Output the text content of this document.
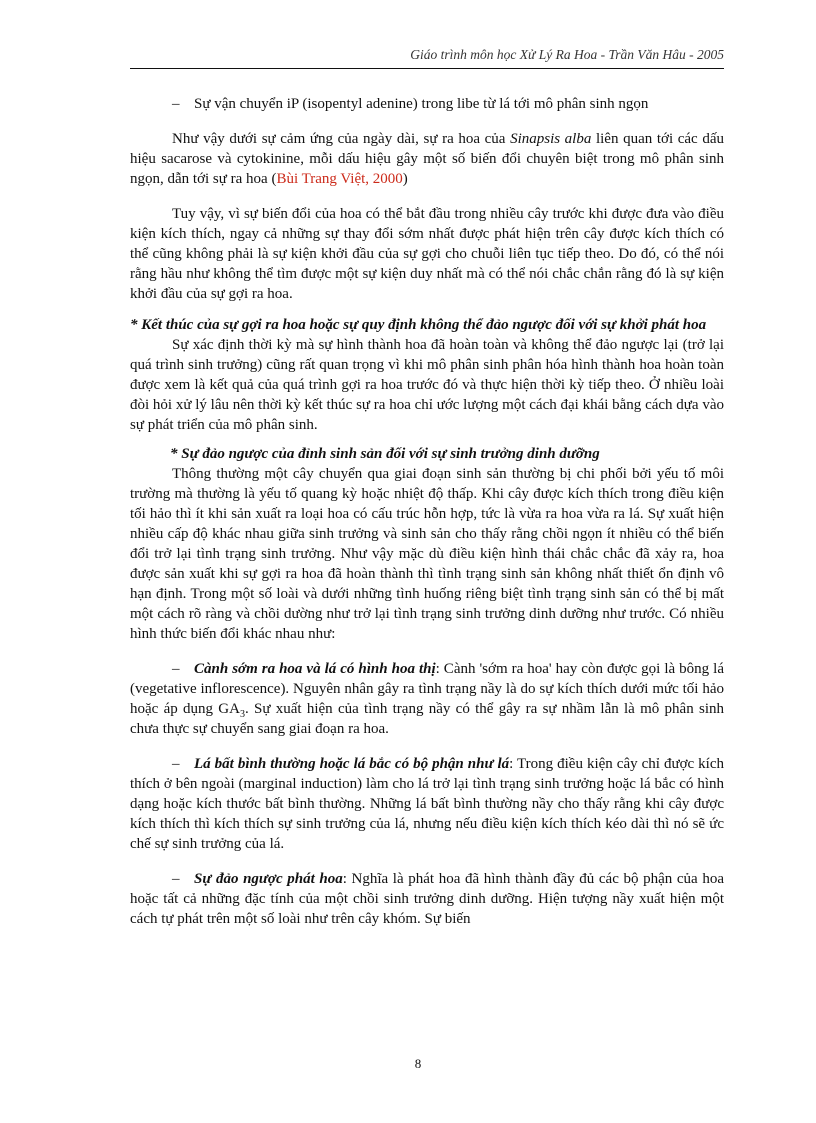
Giáo trình môn học Xử Lý Ra Hoa - Trần Văn Hâu - 2005

– Sự vận chuyển iP (isopentyl adenine) trong libe từ lá tới mô phân sinh ngọn

Như vậy dưới sự cảm ứng của ngày dài, sự ra hoa của Sinapsis alba liên quan tới các dấu hiệu sacarose và cytokinine, mỗi dấu hiệu gây một số biến đổi chuyên biệt trong mô phân sinh ngọn, dẫn tới sự ra hoa (Bùi Trang Việt, 2000)

Tuy vậy, vì sự biến đổi của hoa có thể bắt đầu trong nhiều cây trước khi được đưa vào điều kiện kích thích, ngay cả những sự thay đổi sớm nhất được phát hiện trên cây được kích thích có thể cũng không phải là sự kiện khởi đầu của sự gợi cho chuỗi liên tục tiếp theo. Do đó, có thể nói rằng hầu như không thể tìm được một sự kiện duy nhất mà có thể nói chắc chắn rằng đó là sự kiện khởi đầu của sự gợi ra hoa.

* Kết thúc của sự gợi ra hoa hoặc sự quy định không thể đảo ngược đối với sự khởi phát hoa

Sự xác định thời kỳ mà sự hình thành hoa đã hoàn toàn và không thể đảo ngược lại (trở lại quá trình sinh trưởng) cũng rất quan trọng vì khi mô phân sinh phân hóa hình thành hoa hoàn toàn được xem là kết quả của quá trình gợi ra hoa trước đó và thực hiện thời kỳ tiếp theo. Ở nhiều loài đòi hỏi xử lý lâu nên thời kỳ kết thúc sự ra hoa chỉ ước lượng một cách đại khái bằng cách dựa vào sự phát triển của mô phân sinh.

* Sự đảo ngược của đỉnh sinh sản đối với sự sinh trưởng dinh dưỡng

Thông thường một cây chuyển qua giai đoạn sinh sản thường bị chi phối bởi yếu tố môi trường mà thường là yếu tố quang kỳ hoặc nhiệt độ thấp. Khi cây được kích thích trong điều kiện tối hảo thì ít khi sản xuất ra loại hoa có cấu trúc hỗn hợp, tức là vừa ra hoa vừa ra lá. Sự xuất hiện nhiều cấp độ khác nhau giữa sinh trưởng và sinh sản cho thấy rằng chồi ngọn ít nhiều có thể biến đổi trở lại tình trạng sinh trưởng. Như vậy mặc dù điều kiện hình thái chắc chắc đã xảy ra, hoa được sản xuất khi sự gợi ra hoa đã hoàn thành thì tình trạng sinh sản không nhất thiết ổn định vô hạn định. Trong một số loài và dưới những tình huống riêng biệt tình trạng sinh sản có thể bị mất một cách rõ ràng và chồi dường như trở lại tình trạng sinh trưởng dinh dưỡng như trước. Có nhiều hình thức biến đổi khác nhau như:

– Cành sớm ra hoa và lá có hình hoa thị: Cành 'sớm ra hoa' hay còn được gọi là bông lá (vegetative inflorescence). Nguyên nhân gây ra tình trạng nầy là do sự kích thích dưới mức tối hảo hoặc áp dụng $GA_3$. Sự xuất hiện của tình trạng nầy có thể gây ra sự nhầm lẫn là mô phân sinh chưa thực sự chuyển sang giai đoạn ra hoa.

– Lá bất bình thường hoặc lá bắc có bộ phận như lá: Trong điều kiện cây chỉ được kích thích ở bên ngoài (marginal induction) làm cho lá trở lại tình trạng sinh trưởng hoặc lá bắc có hình dạng hoặc kích thước bất bình thường. Những lá bất bình thường nầy cho thấy rằng khi cây được kích thích thì kích thích sự sinh trưởng của lá, nhưng nếu điều kiện kích thích kéo dài thì nó sẽ ức chế sự sinh trưởng của lá.

– Sự đảo ngược phát hoa: Nghĩa là phát hoa đã hình thành đầy đủ các bộ phận của hoa hoặc tất cả những đặc tính của một chồi sinh trưởng dinh dưỡng. Hiện tượng nầy xuất hiện một cách tự phát trên một số loài như trên cây khóm. Sự biến

8
